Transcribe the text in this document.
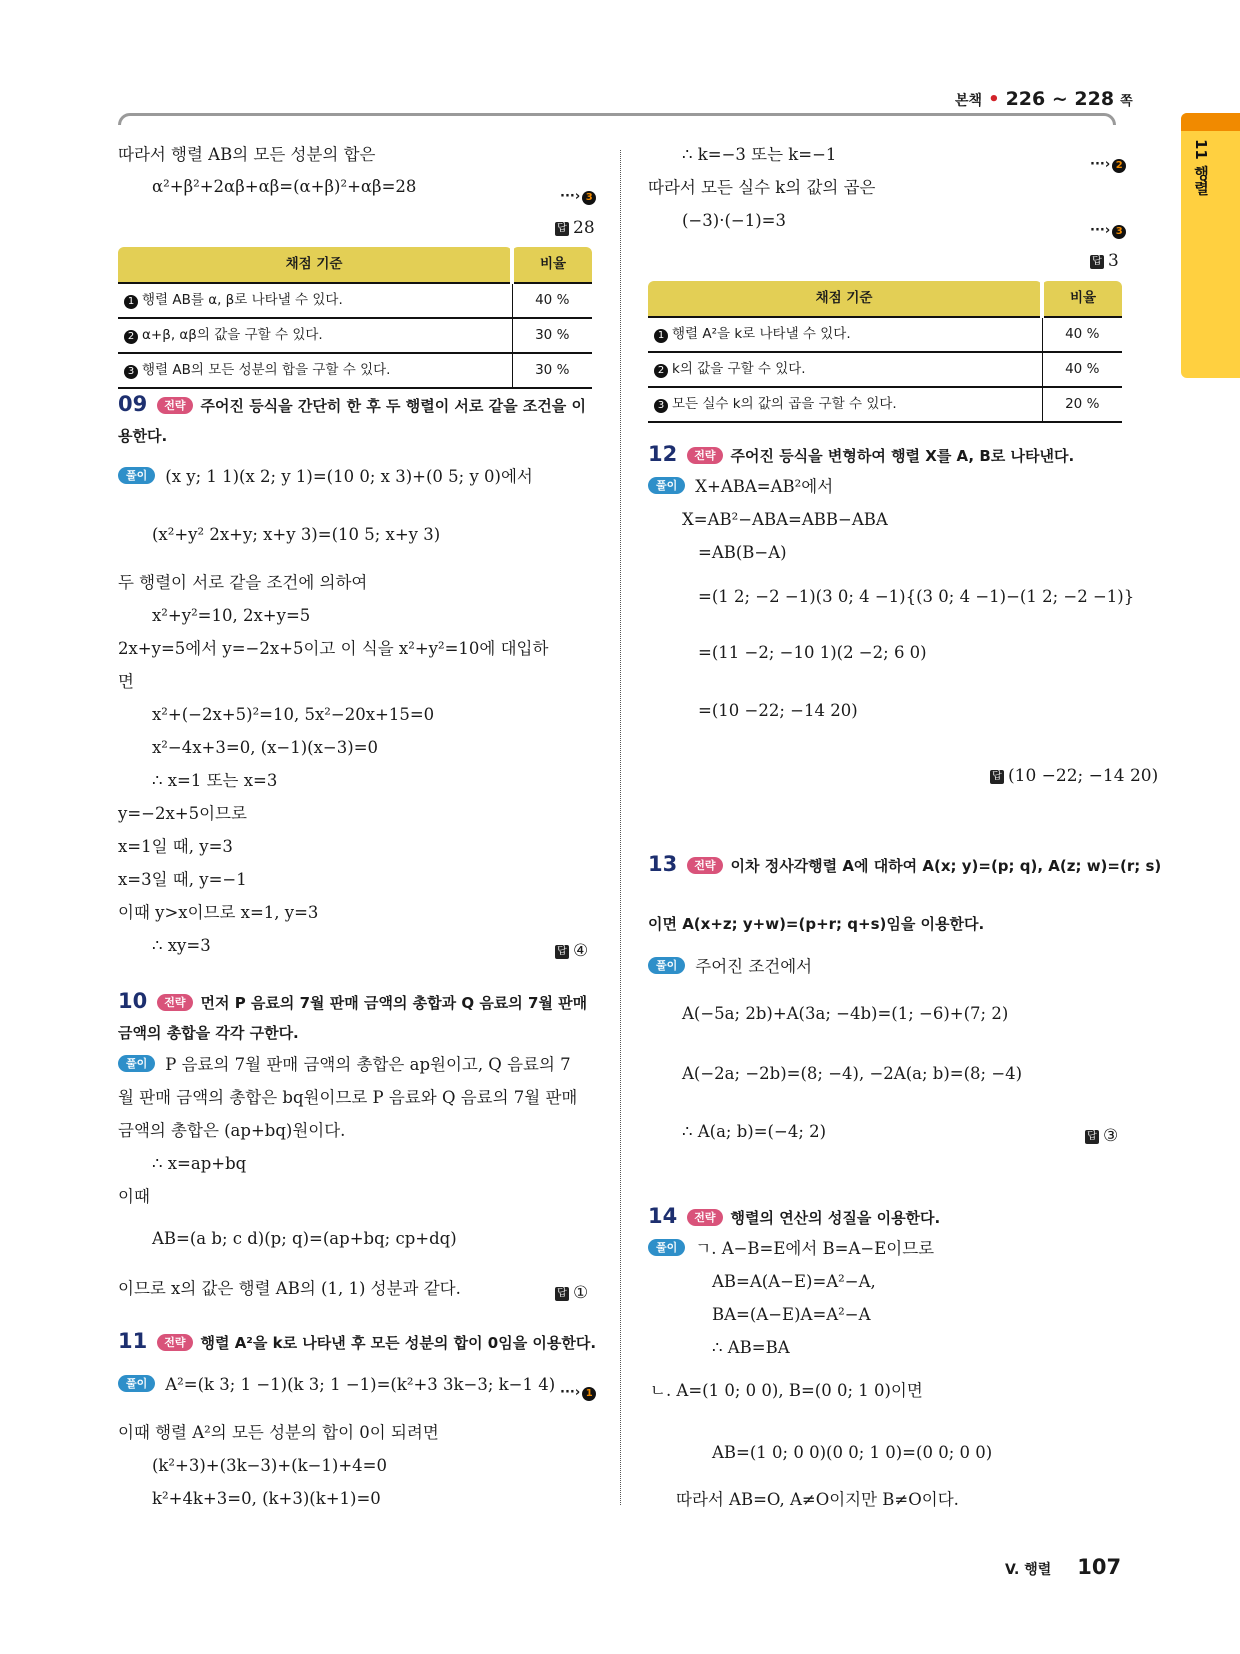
본책 • 226 ~ 228 쪽
11 행렬
따라서 행렬 AB의 모든 성분의 합은
α²+β²+2αβ+αβ=(α+β)²+αβ=28
···› 3
답 28
채점 기준	비율
1 행렬 AB를 α, β로 나타낼 수 있다.	40 %
2 α+β, αβ의 값을 구할 수 있다.	30 %
3 행렬 AB의 모든 성분의 합을 구할 수 있다.	30 %
09 전략 주어진 등식을 간단히 한 후 두 행렬이 서로 같을 조건을 이
용한다.
풀이 (x y; 1 1)(x 2; y 1)=(10 0; x 3)+(0 5; y 0)에서
(x²+y² 2x+y; x+y 3)=(10 5; x+y 3)
두 행렬이 서로 같을 조건에 의하여
x²+y²=10, 2x+y=5
2x+y=5에서 y=−2x+5이고 이 식을 x²+y²=10에 대입하
면
x²+(−2x+5)²=10, 5x²−20x+15=0
x²−4x+3=0, (x−1)(x−3)=0
∴ x=1 또는 x=3
y=−2x+5이므로
x=1일 때, y=3
x=3일 때, y=−1
이때 y>x이므로 x=1, y=3
∴ xy=3	답 ④
10 전략 먼저 P 음료의 7월 판매 금액의 총합과 Q 음료의 7월 판매
금액의 총합을 각각 구한다.
풀이 P 음료의 7월 판매 금액의 총합은 ap원이고, Q 음료의 7
월 판매 금액의 총합은 bq원이므로 P 음료와 Q 음료의 7월 판매
금액의 총합은 (ap+bq)원이다.
∴ x=ap+bq
이때
AB=(a b; c d)(p; q)=(ap+bq; cp+dq)
이므로 x의 값은 행렬 AB의 (1, 1) 성분과 같다.	답 ①
11 전략 행렬 A²을 k로 나타낸 후 모든 성분의 합이 0임을 이용한다.
풀이 A²=(k 3; 1 −1)(k 3; 1 −1)=(k²+3 3k−3; k−1 4) ···› 1
이때 행렬 A²의 모든 성분의 합이 0이 되려면
(k²+3)+(3k−3)+(k−1)+4=0
k²+4k+3=0, (k+3)(k+1)=0
∴ k=−3 또는 k=−1
···› 2
따라서 모든 실수 k의 값의 곱은
(−3)·(−1)=3
···› 3
답 3
채점 기준	비율
1 행렬 A²을 k로 나타낼 수 있다.	40 %
2 k의 값을 구할 수 있다.	40 %
3 모든 실수 k의 값의 곱을 구할 수 있다.	20 %
12 전략 주어진 등식을 변형하여 행렬 X를 A, B로 나타낸다.
풀이 X+ABA=AB²에서
X=AB²−ABA=ABB−ABA
=AB(B−A)
=(1 2; −2 −1)(3 0; 4 −1){(3 0; 4 −1)−(1 2; −2 −1)}
=(11 −2; −10 1)(2 −2; 6 0)
=(10 −22; −14 20)
답 (10 −22; −14 20)
13 전략 이차 정사각행렬 A에 대하여 A(x; y)=(p; q), A(z; w)=(r; s)
이면 A(x+z; y+w)=(p+r; q+s)임을 이용한다.
풀이 주어진 조건에서
A(−5a; 2b)+A(3a; −4b)=(1; −6)+(7; 2)
A(−2a; −2b)=(8; −4), −2A(a; b)=(8; −4)
∴ A(a; b)=(−4; 2)	답 ③
14 전략 행렬의 연산의 성질을 이용한다.
풀이 ㄱ. A−B=E에서 B=A−E이므로
AB=A(A−E)=A²−A,
BA=(A−E)A=A²−A
∴ AB=BA
ㄴ. A=(1 0; 0 0), B=(0 0; 1 0)이면
AB=(1 0; 0 0)(0 0; 1 0)=(0 0; 0 0)
따라서 AB=O, A≠O이지만 B≠O이다.
V. 행렬 107
